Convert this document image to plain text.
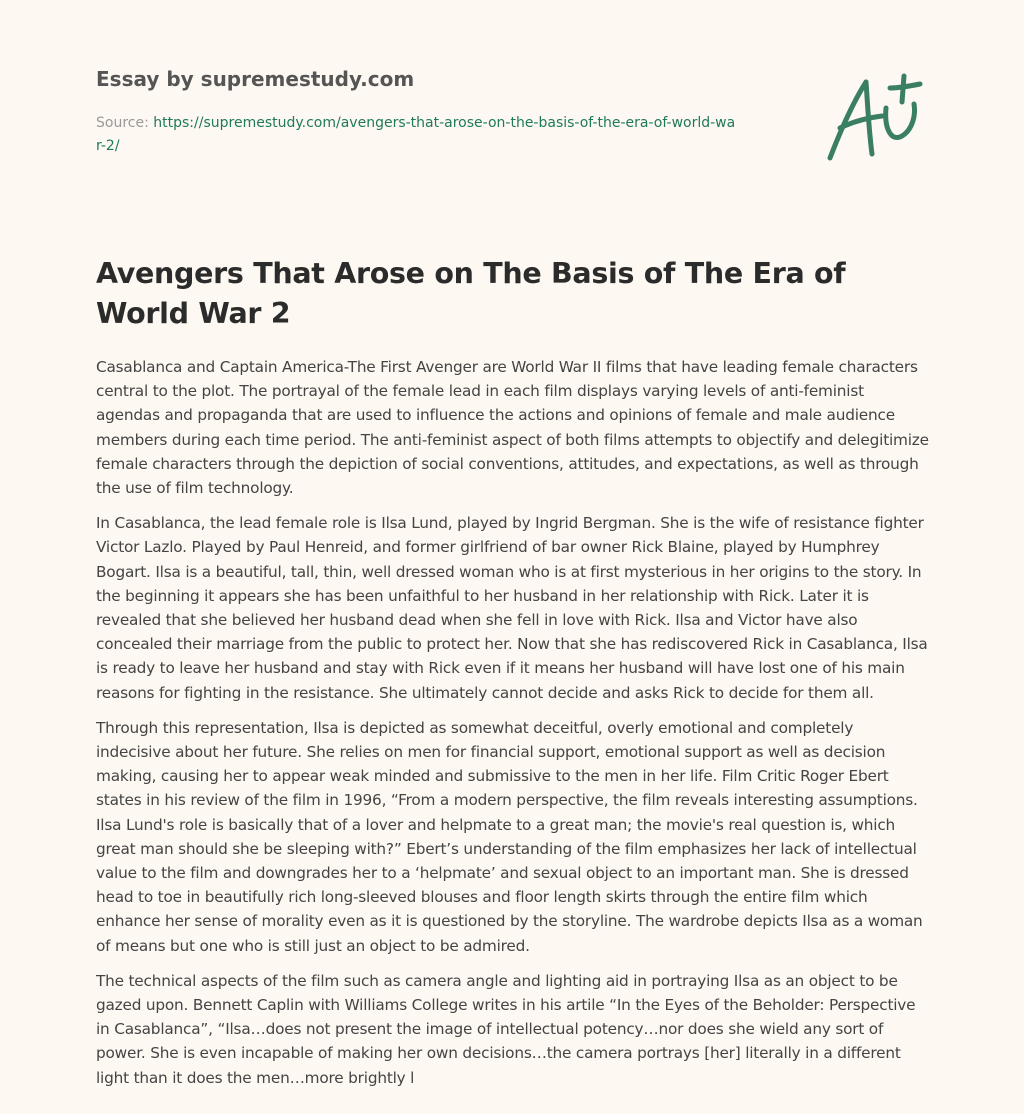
Essay by supremestudy.com
Source: https://supremestudy.com/avengers-that-arose-on-the-basis-of-the-era-of-world-war-2/
Avengers That Arose on The Basis of The Era of World War 2

Casablanca and Captain America-The First Avenger are World War II films that have leading female characters central to the plot. The portrayal of the female lead in each film displays varying levels of anti-feminist agendas and propaganda that are used to influence the actions and opinions of female and male audience members during each time period. The anti-feminist aspect of both films attempts to objectify and delegitimize female characters through the depiction of social conventions, attitudes, and expectations, as well as through the use of film technology.

In Casablanca, the lead female role is Ilsa Lund, played by Ingrid Bergman. She is the wife of resistance fighter Victor Lazlo. Played by Paul Henreid, and former girlfriend of bar owner Rick Blaine, played by Humphrey Bogart. Ilsa is a beautiful, tall, thin, well dressed woman who is at first mysterious in her origins to the story. In the beginning it appears she has been unfaithful to her husband in her relationship with Rick. Later it is revealed that she believed her husband dead when she fell in love with Rick. Ilsa and Victor have also concealed their marriage from the public to protect her. Now that she has rediscovered Rick in Casablanca, Ilsa is ready to leave her husband and stay with Rick even if it means her husband will have lost one of his main reasons for fighting in the resistance. She ultimately cannot decide and asks Rick to decide for them all.

Through this representation, Ilsa is depicted as somewhat deceitful, overly emotional and completely indecisive about her future. She relies on men for financial support, emotional support as well as decision making, causing her to appear weak minded and submissive to the men in her life. Film Critic Roger Ebert states in his review of the film in 1996, “From a modern perspective, the film reveals interesting assumptions. Ilsa Lund's role is basically that of a lover and helpmate to a great man; the movie's real question is, which great man should she be sleeping with?” Ebert’s understanding of the film emphasizes her lack of intellectual value to the film and downgrades her to a ‘helpmate’ and sexual object to an important man. She is dressed head to toe in beautifully rich long-sleeved blouses and floor length skirts through the entire film which enhance her sense of morality even as it is questioned by the storyline. The wardrobe depicts Ilsa as a woman of means but one who is still just an object to be admired.

The technical aspects of the film such as camera angle and lighting aid in portraying Ilsa as an object to be gazed upon. Bennett Caplin with Williams College writes in his artile “In the Eyes of the Beholder: Perspective in Casablanca”, “Ilsa…does not present the image of intellectual potency…nor does she wield any sort of power. She is even incapable of making her own decisions…the camera portrays [her] literally in a different light than it does the men…more brightly l
